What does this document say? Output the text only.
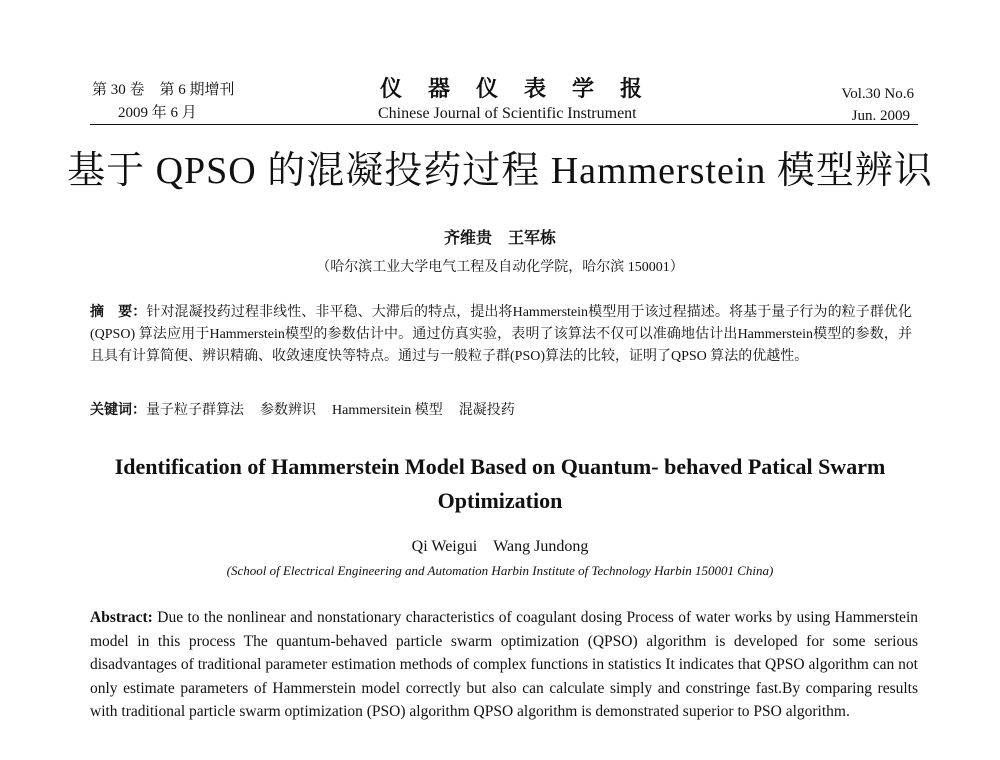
第 30 卷　第 6 期增刊
2009 年 6 月
仪器仪表学报
Chinese Journal of Scientific Instrument
Vol.30 No.6
Jun. 2009
基于 QPSO 的混凝投药过程 Hammerstein 模型辨识
齐维贵　王军栋
（哈尔滨工业大学电气工程及自动化学院，哈尔滨 150001）
摘　要：针对混凝投药过程非线性、非平稳、大滞后的特点，提出将Hammerstein模型用于该过程描述。将基于量子行为的粒子群优化(QPSO) 算法应用于Hammerstein模型的参数估计中。通过仿真实验，表明了该算法不仅可以准确地估计出Hammerstein模型的参数，并且具有计算简便、辨识精确、收敛速度快等特点。通过与一般粒子群(PSO)算法的比较，证明了QPSO 算法的优越性。
关键词：量子粒子群算法 参数辨识 Hammersitein 模型 混凝投药
Identification of Hammerstein Model Based on Quantum- behaved Patical Swarm Optimization
Qi Weigui Wang Jundong
(School of Electrical Engineering and Automation Harbin Institute of Technology Harbin 150001 China)
Abstract: Due to the nonlinear and nonstationary characteristics of coagulant dosing Process of water works by using Hammerstein model in this process The quantum-behaved particle swarm optimization (QPSO) algorithm is developed for some serious disadvantages of traditional parameter estimation methods of complex functions in statistics It indicates that QPSO algorithm can not only estimate parameters of Hammerstein model correctly but also can calculate simply and constringe fast.By comparing results with traditional particle swarm optimization (PSO) algorithm QPSO algorithm is demonstrated superior to PSO algorithm.
